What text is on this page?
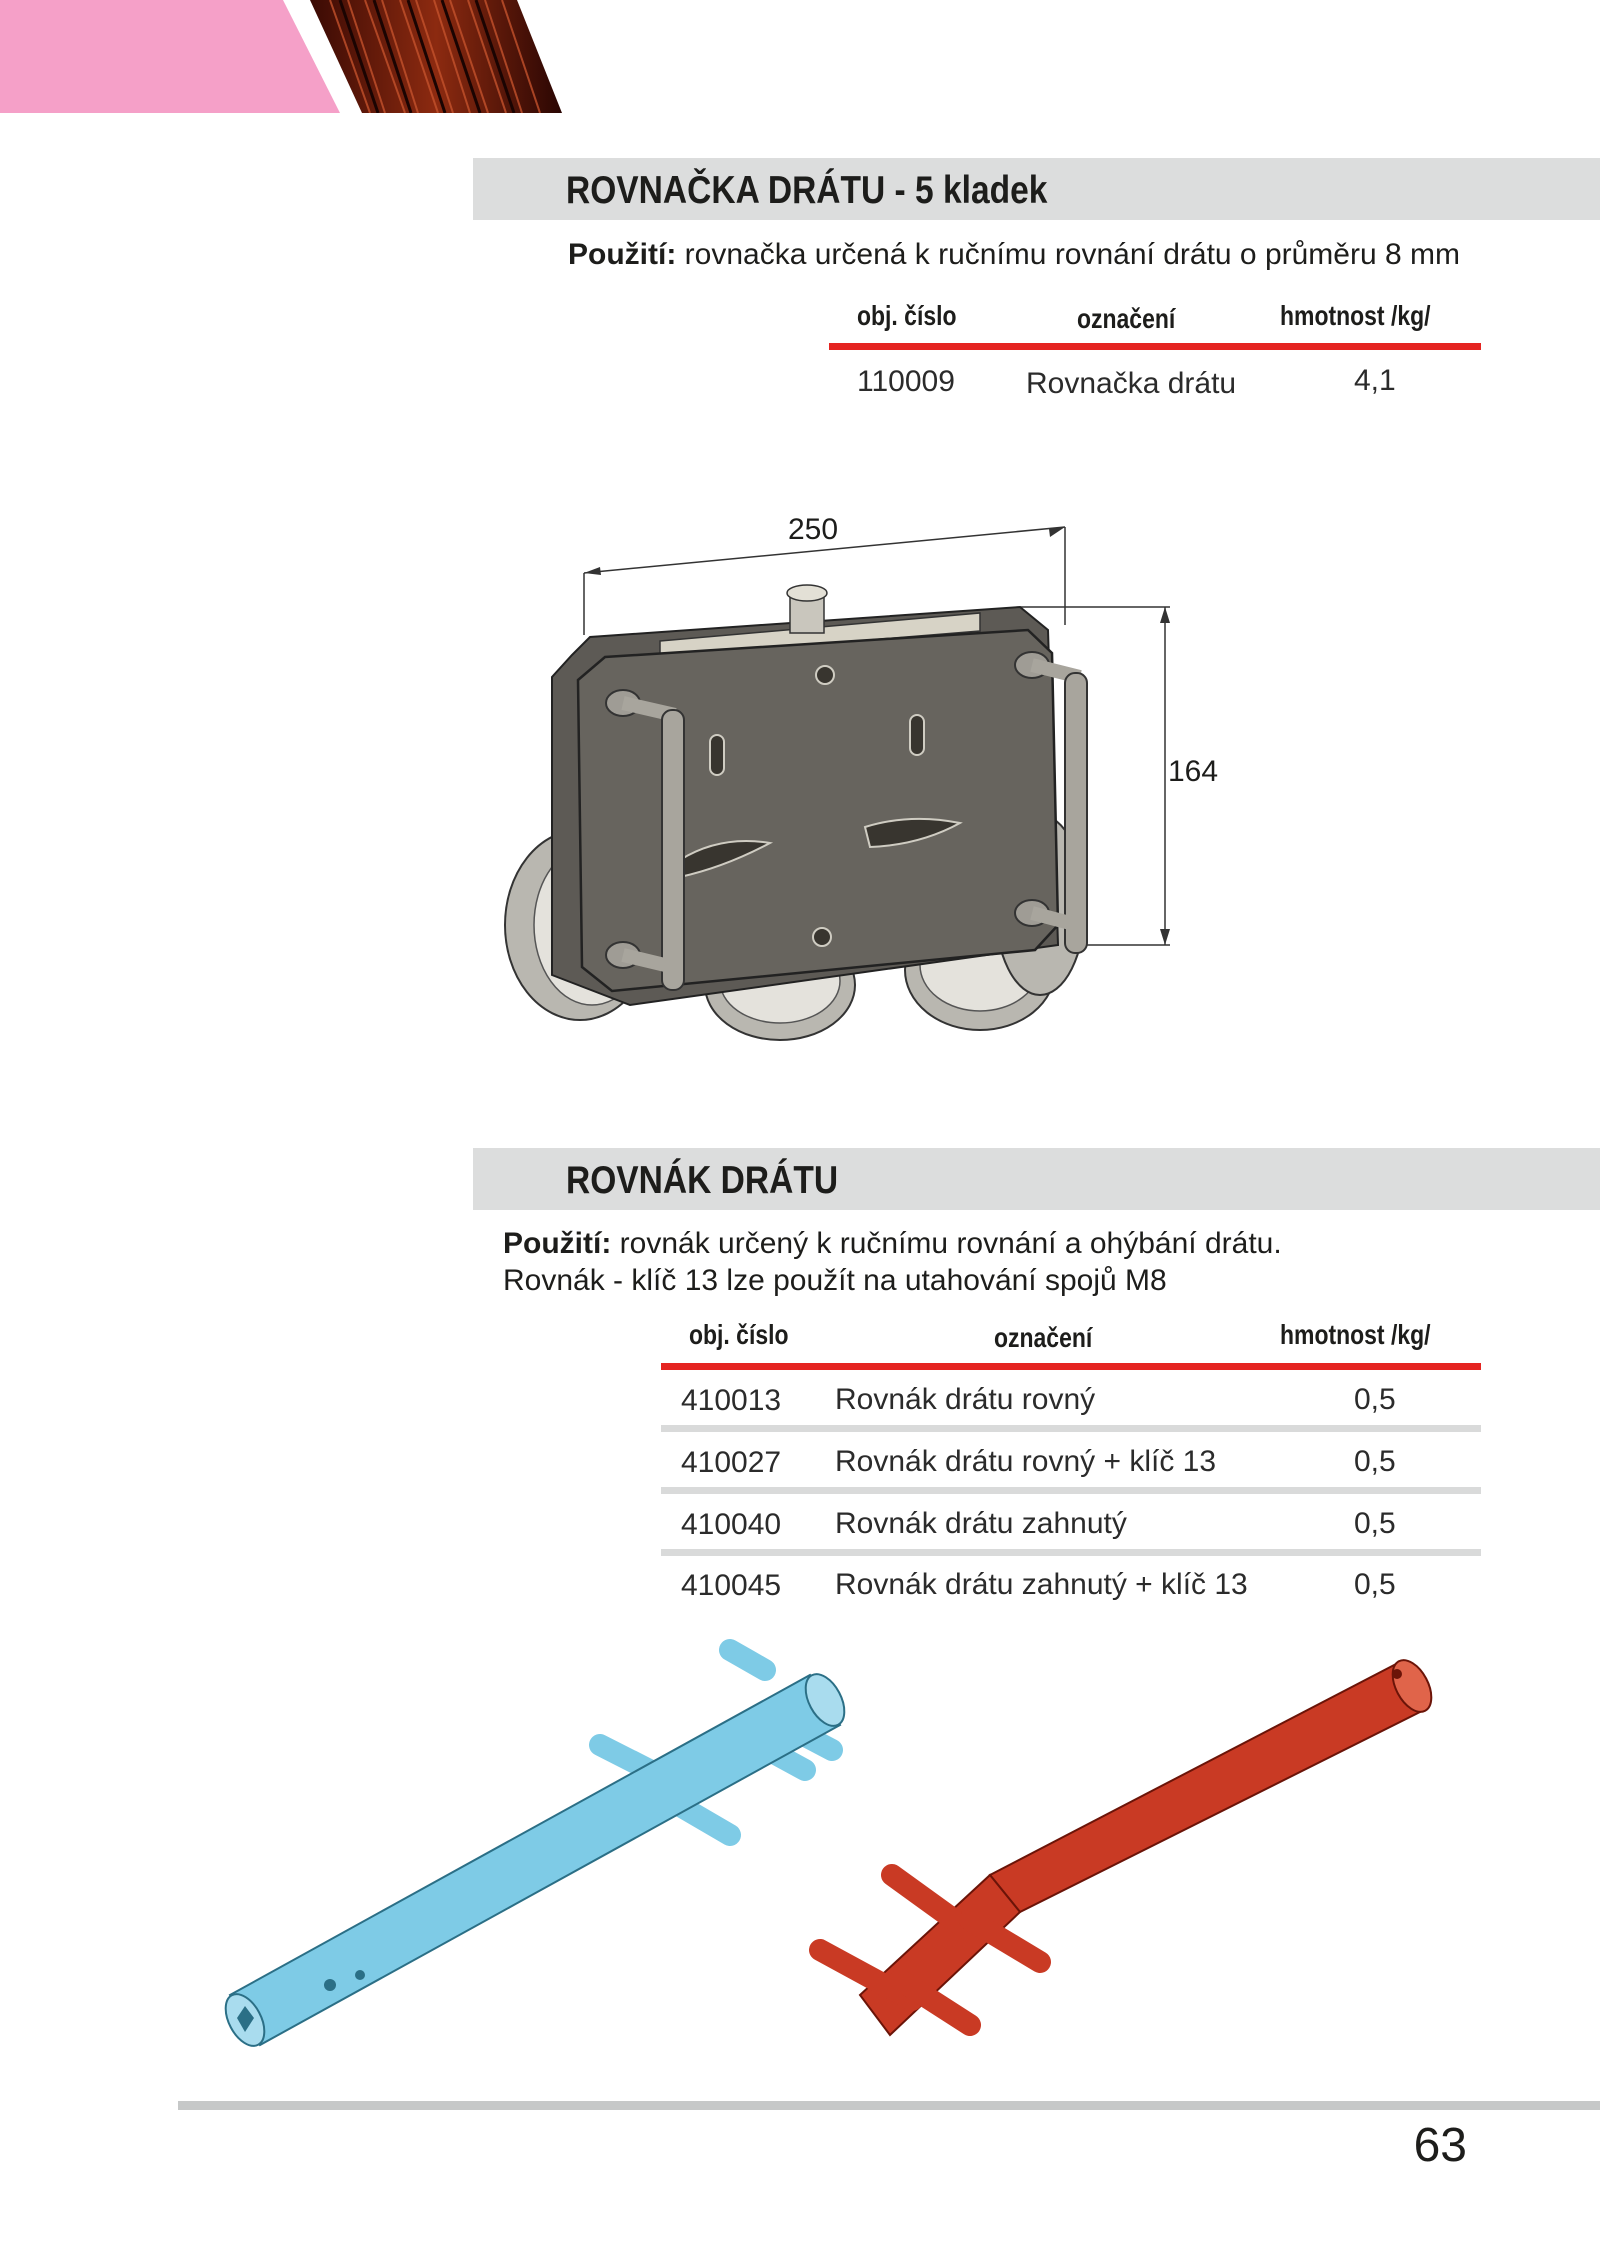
ROVNAČKA DRÁTU - 5 kladek
Použití: rovnačka určená k ručnímu rovnání drátu o průměru 8 mm
obj. číslo	označení	hmotnost /kg/
110009 Rovnačka drátu	4,1
250
164
ROVNÁK DRÁTU
Použití: rovnák určený k ručnímu rovnání a ohýbání drátu.
Rovnák - klíč 13 lze použít na utahování spojů M8
obj. číslo	označení	hmotnost /kg/
410013 Rovnák drátu rovný	0,5
410027 Rovnák drátu rovný + klíč 13	0,5
410040 Rovnák drátu zahnutý	0,5
410045 Rovnák drátu zahnutý + klíč 13	0,5
63
